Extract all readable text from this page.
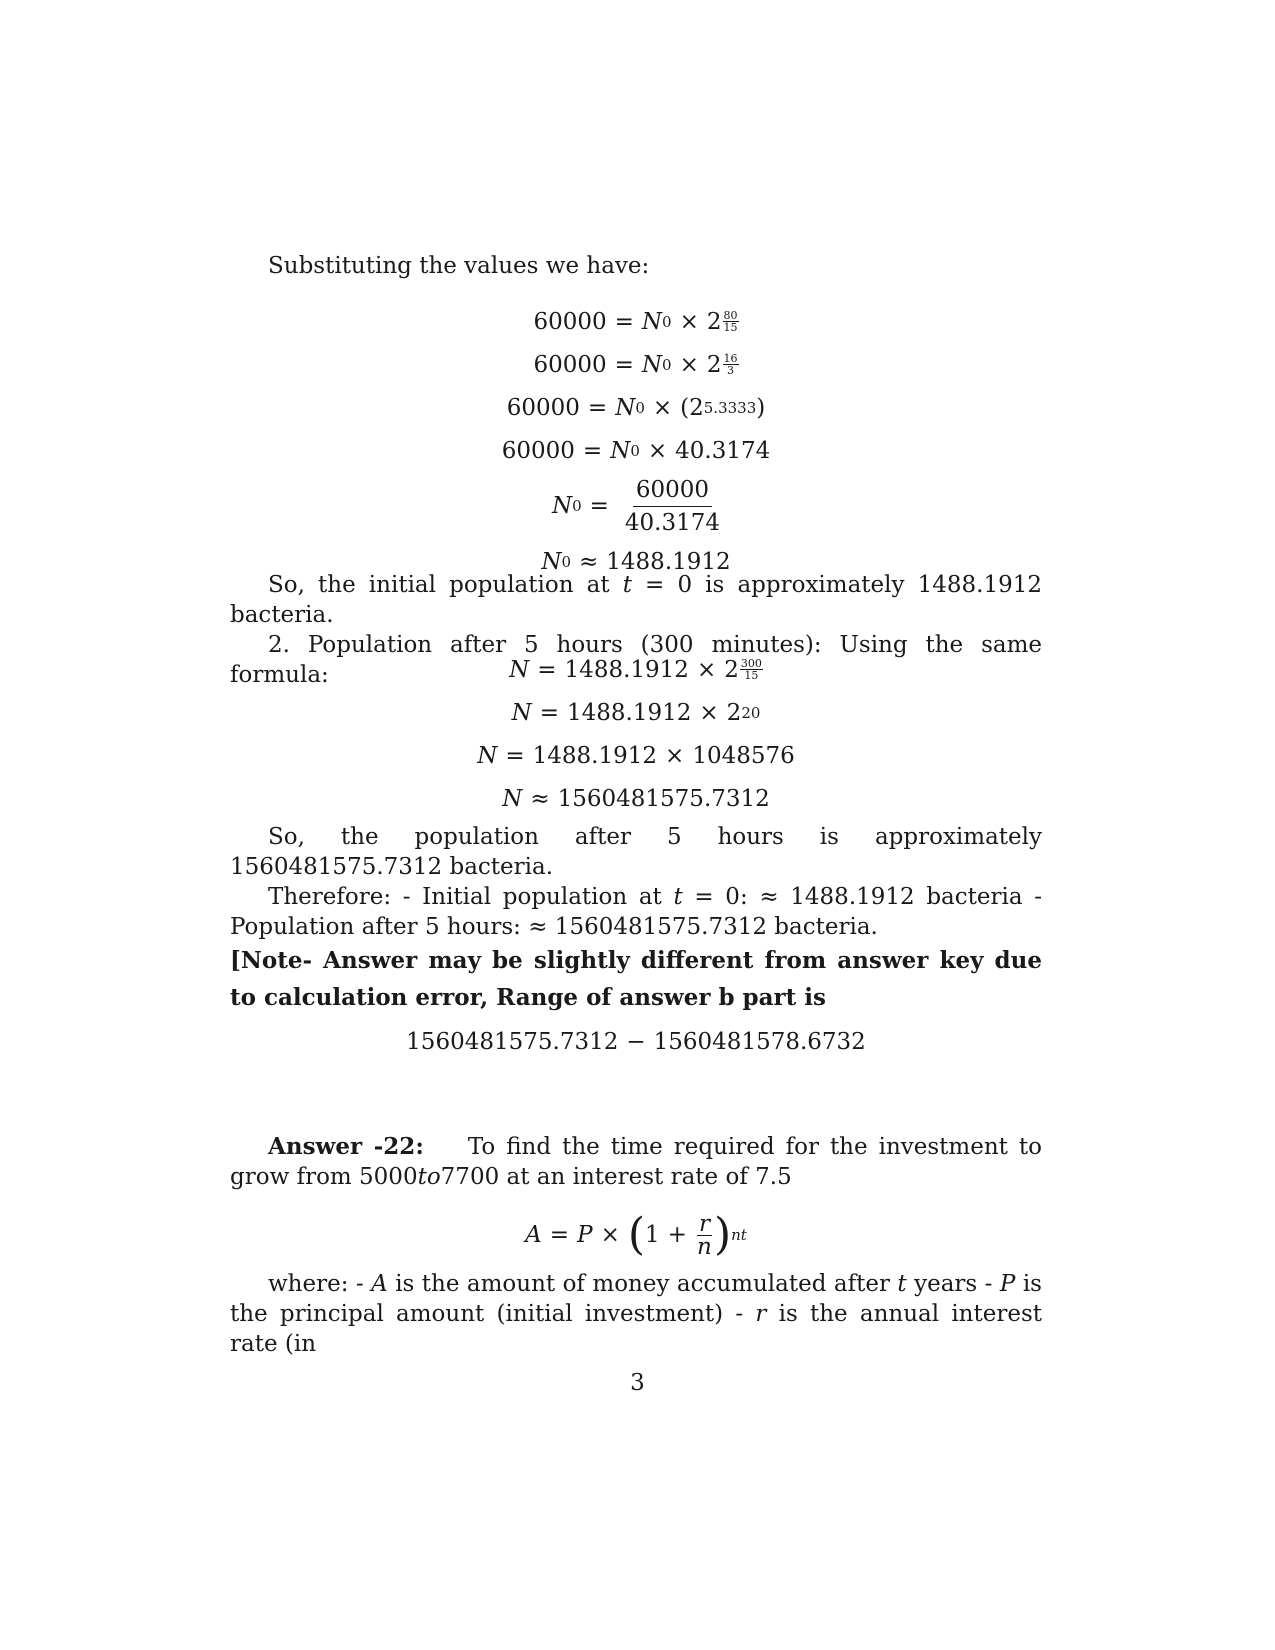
Substituting the values we have:

60000 = N $0 \times 2 \frac{80}{15}$
60000 = N $0 \times 2 \frac{16}{3}$
60000 = N 0 × ( 2 5.3333 )
60000 = N 0 × 40.3174
N $0 = \frac{60000}{40.3174}$
N 0 ≈ 1488.1912

So, the initial population at t = 0 is approximately 1488.1912 bacteria.

2. Population after 5 hours (300 minutes): Using the same formula:	$N = 1488.1912 \times 2 \frac{300}{15}$
N = 1488.1912 × 2 20
N = 1488.1912 × 1048576
N ≈ 1560481575.7312

So, the population after 5 hours is approximately 1560481575.7312 bacteria.

Therefore: - Initial population at t = 0: ≈ 1488.1912 bacteria - Population after 5 hours: ≈ 1560481575.7312 bacteria.

[Note- Answer may be slightly different from answer key due to calculation error, Range of answer b part is

1560481575.7312 − 1560481578.6732

Answer -22: To find the time required for the investment to grow from 5000to7700 at an interest rate of 7.5

A = P × ( $1 + \frac{r}{n}$ ) nt

where: - A is the amount of money accumulated after t years - P is the principal amount (initial investment) - r is the annual interest rate (in

3
